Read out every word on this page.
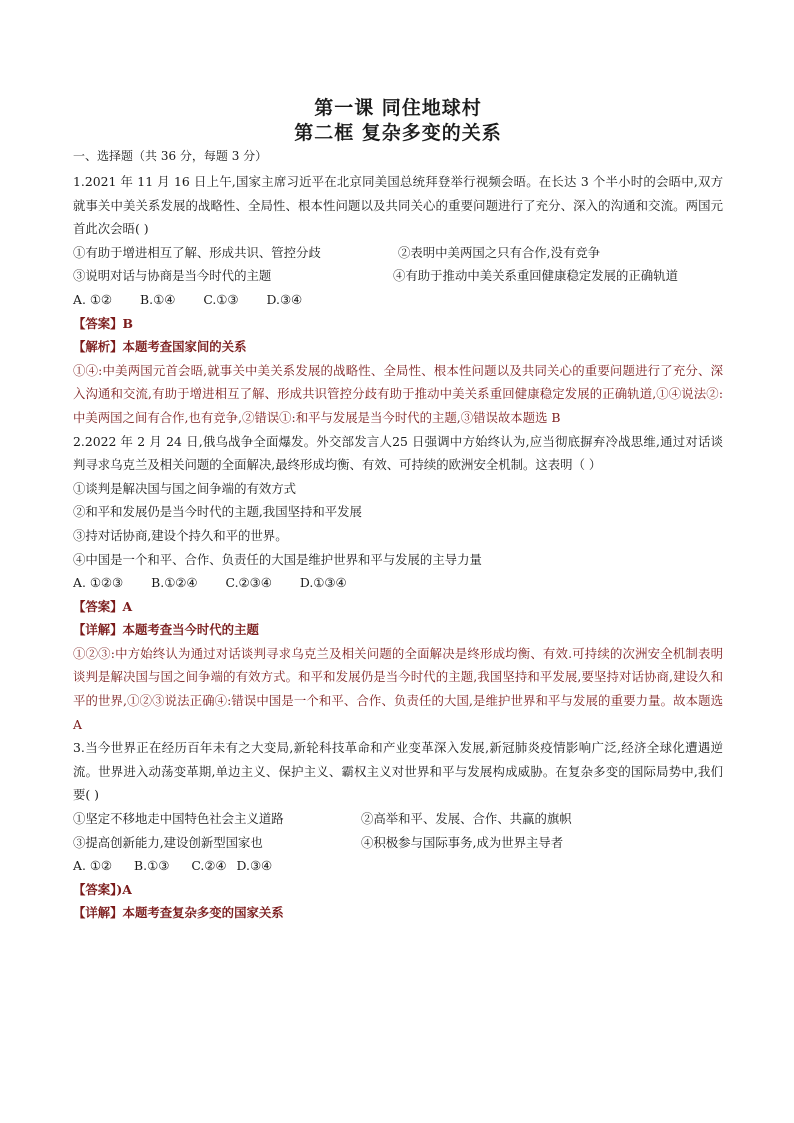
第一课 同住地球村
第二框 复杂多变的关系
一、选择题（共 36 分，每题 3 分）

1.2021 年 11 月 16 日上午,国家主席习近平在北京同美国总统拜登举行视频会晤。在长达 3 个半小时的会晤中,双方就事关中美关系发展的战略性、全局性、根本性问题以及共同关心的重要问题进行了充分、深入的沟通和交流。两国元首此次会晤( )

①有助于增进相互了解、形成共识、管控分歧	②表明中美两国之只有合作,没有竞争

③说明对话与协商是当今时代的主题	④有助于推动中美关系重回健康稳定发展的正确轨道

A. ①② B.①④ C.①③ D.③④

【答案】B

【解析】本题考查国家间的关系

①④:中美两国元首会晤,就事关中美关系发展的战略性、全局性、根本性问题以及共同关心的重要问题进行了充分、深入沟通和交流,有助于增进相互了解、形成共识管控分歧有助于推动中美关系重回健康稳定发展的正确轨道,①④说法②:中美两国之间有合作,也有竞争,②错误①:和平与发展是当今时代的主题,③错误故本题选 B

2.2022 年 2 月 24 日,俄乌战争全面爆发。外交部发言人25 日强调中方始终认为,应当彻底摒弃冷战思维,通过对话谈判寻求乌克兰及相关问题的全面解决,最终形成均衡、有效、可持续的欧洲安全机制。这表明（ ）

①谈判是解决国与国之间争端的有效方式

②和平和发展仍是当今时代的主题,我国坚持和平发展

③持对话协商,建设个持久和平的世界。

④中国是一个和平、合作、负责任的大国是维护世界和平与发展的主导力量

A. ①②③ B.①②④ C.②③④ D.①③④

【答案】A

【详解】本题考查当今时代的主题

①②③:中方始终认为通过对话谈判寻求乌克兰及相关问题的全面解决是终形成均衡、有效.可持续的次洲安全机制表明谈判是解决国与国之间争端的有效方式。和平和发展仍是当今时代的主题,我国坚持和平发展,要坚持对话协商,建设久和平的世界,①②③说法正确④:错误中国是一个和平、合作、负责任的大国,是维护世界和平与发展的重要力量。故本题选 A

3.当今世界正在经历百年未有之大变局,新轮科技革命和产业变革深入发展,新冠肺炎疫情影响广泛,经济全球化遭遇逆流。世界进入动荡变革期,单边主义、保护主义、霸权主义对世界和平与发展构成威胁。在复杂多变的国际局势中,我们要( )

①坚定不移地走中国特色社会主义道路	②高举和平、发展、合作、共赢的旗帜

③提高创新能力,建设创新型国家也	④积极参与国际事务,成为世界主导者

A. ①② B.①③ C.②④ D.③④

【答案】)A

【详解】本题考查复杂多变的国家关系
